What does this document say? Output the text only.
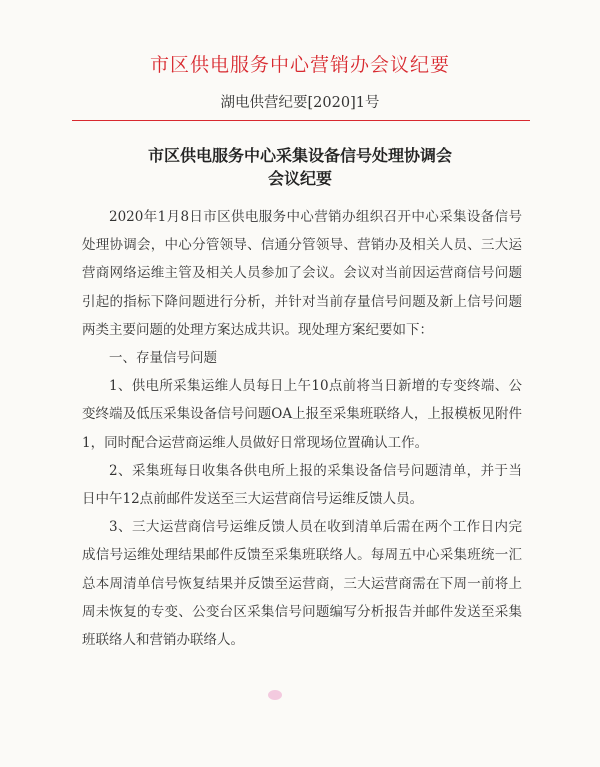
市区供电服务中心营销办会议纪要
湖电供营纪要[2020]1号
市区供电服务中心采集设备信号处理协调会
会议纪要

2020年1月8日市区供电服务中心营销办组织召开中心采集设备信号处理协调会，中心分管领导、信通分管领导、营销办及相关人员、三大运营商网络运维主管及相关人员参加了会议。会议对当前因运营商信号问题引起的指标下降问题进行分析，并针对当前存量信号问题及新上信号问题两类主要问题的处理方案达成共识。现处理方案纪要如下：

一、存量信号问题

1、供电所采集运维人员每日上午10点前将当日新增的专变终端、公变终端及低压采集设备信号问题OA上报至采集班联络人，上报模板见附件1，同时配合运营商运维人员做好日常现场位置确认工作。

2、采集班每日收集各供电所上报的采集设备信号问题清单，并于当日中午12点前邮件发送至三大运营商信号运维反馈人员。

3、三大运营商信号运维反馈人员在收到清单后需在两个工作日内完成信号运维处理结果邮件反馈至采集班联络人。每周五中心采集班统一汇总本周清单信号恢复结果并反馈至运营商，三大运营商需在下周一前将上周未恢复的专变、公变台区采集信号问题编写分析报告并邮件发送至采集班联络人和营销办联络人。
